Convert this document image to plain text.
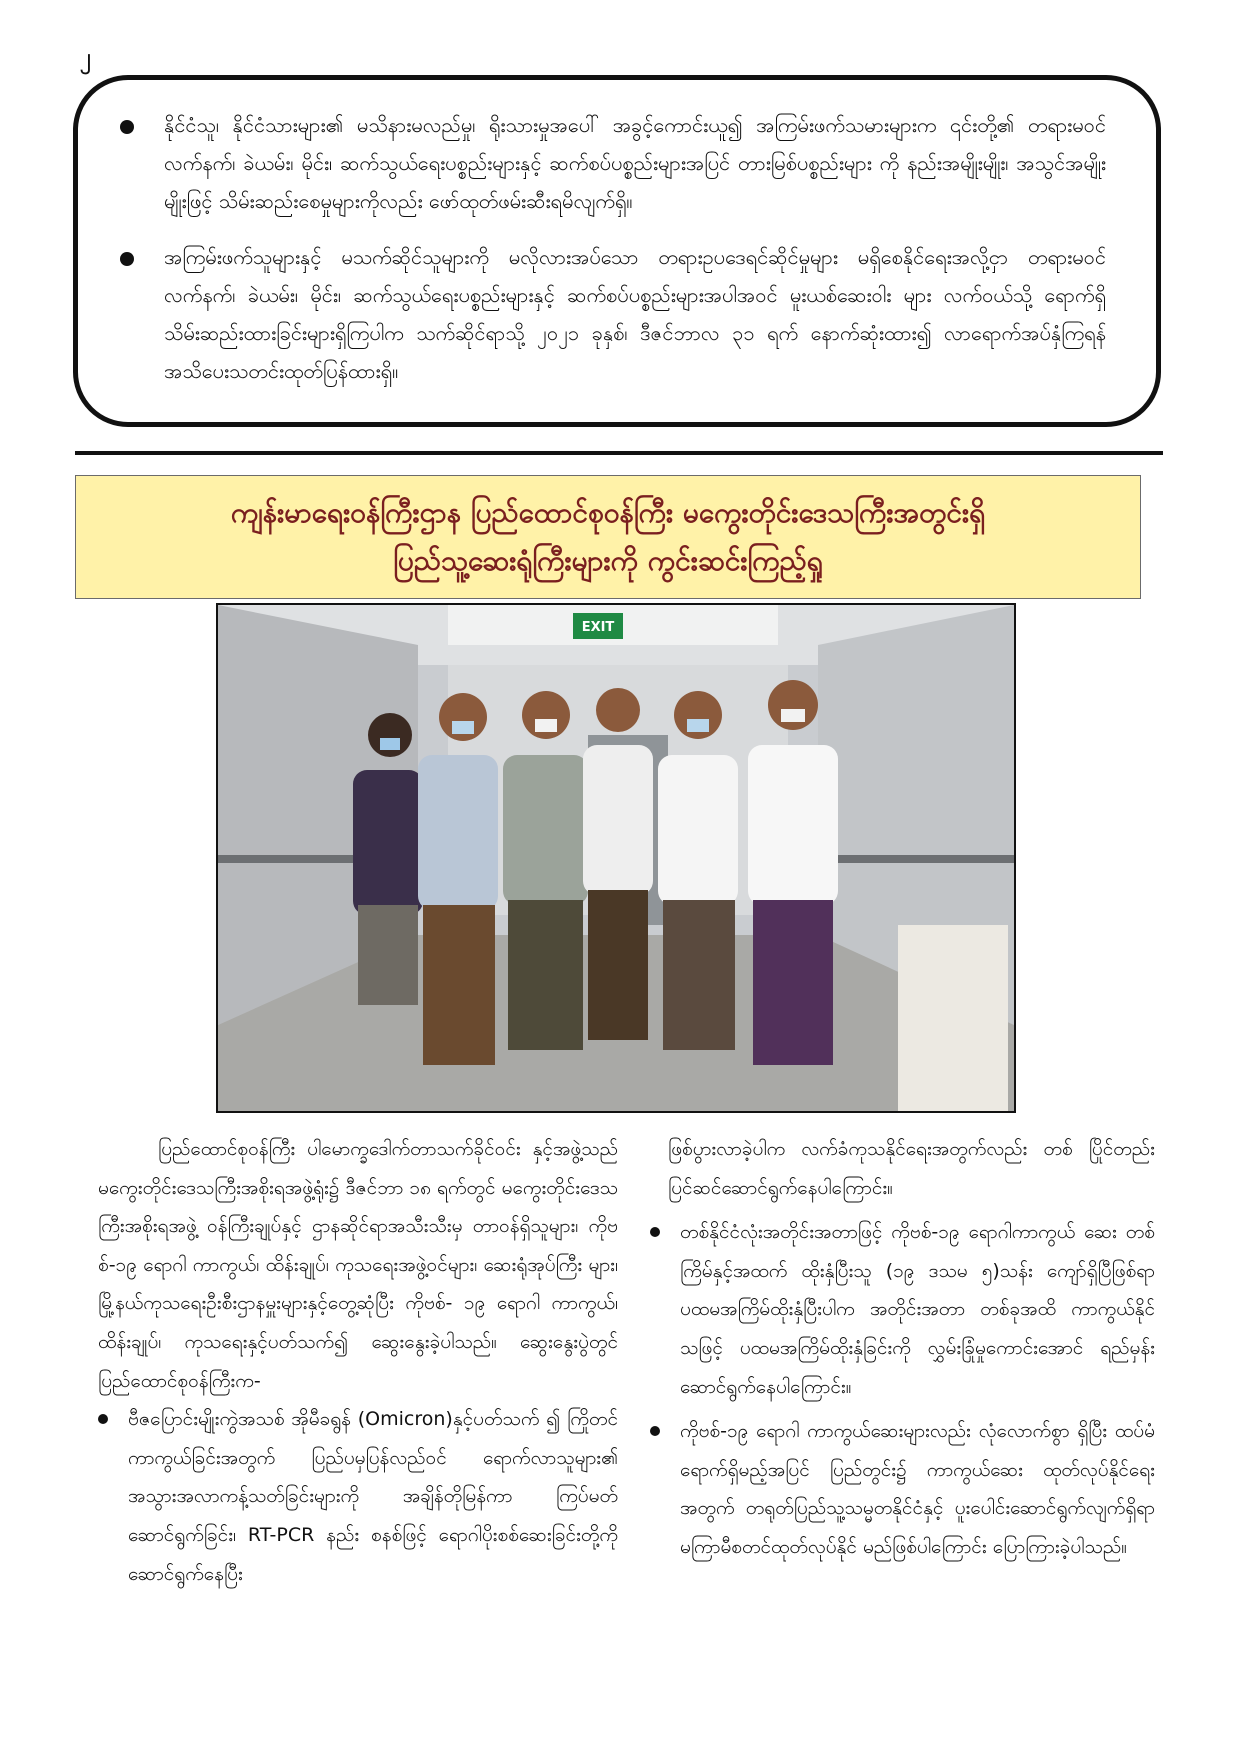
၂
နိုင်ငံသူ၊ နိုင်ငံသားများ၏ မသိနားမလည်မှု၊ ရိုးသားမှုအပေါ် အခွင့်ကောင်းယူ၍ အကြမ်းဖက်သမားများက ၎င်းတို့၏ တရားမဝင် လက်နက်၊ ခဲယမ်း၊ မိုင်း၊ ဆက်သွယ်ရေးပစ္စည်းများနှင့် ဆက်စပ်ပစ္စည်းများအပြင် တားမြစ်ပစ္စည်းများ ကို နည်းအမျိုးမျိုး၊ အသွင်အမျိုးမျိုးဖြင့် သိမ်းဆည်းစေမှုများကိုလည်း ဖော်ထုတ်ဖမ်းဆီးရမိလျက်ရှိ။
အကြမ်းဖက်သူများနှင့် မသက်ဆိုင်သူများကို မလိုလားအပ်သော တရားဥပဒေရင်ဆိုင်မှုများ မရှိစေနိုင်ရေးအလို့ငှာ တရားမဝင် လက်နက်၊ ခဲယမ်း၊ မိုင်း၊ ဆက်သွယ်ရေးပစ္စည်းများနှင့် ဆက်စပ်ပစ္စည်းများအပါအဝင် မူးယစ်ဆေးဝါး များ လက်ဝယ်သို့ ရောက်ရှိသိမ်းဆည်းထားခြင်းများရှိကြပါက သက်ဆိုင်ရာသို့ ၂၀၂၁ ခုနှစ်၊ ဒီဇင်ဘာလ ၃၁ ရက် နောက်ဆုံးထား၍ လာရောက်အပ်နှံကြရန် အသိပေးသတင်းထုတ်ပြန်ထားရှိ။
ကျန်းမာရေးဝန်ကြီးဌာန ပြည်ထောင်စုဝန်ကြီး မကွေးတိုင်းဒေသကြီးအတွင်းရှိ
ပြည်သူ့ဆေးရုံကြီးများကို ကွင်းဆင်းကြည့်ရှု
EXIT

ပြည်ထောင်စုဝန်ကြီး ပါမောက္ခဒေါက်တာသက်ခိုင်ဝင်း နှင့်အဖွဲ့သည် မကွေးတိုင်းဒေသကြီးအစိုးရအဖွဲ့ရုံး၌ ဒီဇင်ဘာ ၁၈ ရက်တွင် မကွေးတိုင်းဒေသကြီးအစိုးရအဖွဲ့ ဝန်ကြီးချုပ်နှင့် ဌာနဆိုင်ရာအသီးသီးမှ တာဝန်ရှိသူများ၊ ကိုဗစ်-၁၉ ရောဂါ ကာကွယ်၊ ထိန်းချုပ်၊ ကုသရေးအဖွဲ့ဝင်များ၊ ဆေးရုံအုပ်ကြီး များ၊ မြို့နယ်ကုသရေးဦးစီးဌာနမှူးများနှင့်တွေ့ဆုံပြီး ကိုဗစ်- ၁၉ ရောဂါ ကာကွယ်၊ ထိန်းချုပ်၊ ကုသရေးနှင့်ပတ်သက်၍ ဆွေးနွေးခဲ့ပါသည်။ ဆွေးနွေးပွဲတွင် ပြည်ထောင်စုဝန်ကြီးက-

ဗီဇပြောင်းမျိုးကွဲအသစ် အိုမီခရွန် (Omicron)နှင့်ပတ်သက် ၍ ကြိုတင်ကာကွယ်ခြင်းအတွက် ပြည်ပမှပြန်လည်ဝင် ရောက်လာသူများ၏ အသွားအလာကန့်သတ်ခြင်းများကို အချိန်တိုမြန်ကာ ကြပ်မတ်ဆောင်ရွက်ခြင်း၊ RT-PCR နည်း စနစ်ဖြင့် ရောဂါပိုးစစ်ဆေးခြင်းတို့ကို ဆောင်ရွက်နေပြီး

ဖြစ်ပွားလာခဲ့ပါက လက်ခံကုသနိုင်ရေးအတွက်လည်း တစ် ပြိုင်တည်းပြင်ဆင်ဆောင်ရွက်နေပါကြောင်း။

တစ်နိုင်ငံလုံးအတိုင်းအတာဖြင့် ကိုဗစ်-၁၉ ရောဂါကာကွယ် ဆေး တစ်ကြိမ်နှင့်အထက် ထိုးနှံပြီးသူ (၁၉ ဒသမ ၅)သန်း ကျော်ရှိပြီဖြစ်ရာ ပထမအကြိမ်ထိုးနှံပြီးပါက အတိုင်းအတာ တစ်ခုအထိ ကာကွယ်နိုင်သဖြင့် ပထမအကြိမ်ထိုးနှံခြင်းကို လွှမ်းခြုံမှုကောင်းအောင် ရည်မှန်းဆောင်ရွက်နေပါကြောင်း။
ကိုဗစ်-၁၉ ရောဂါ ကာကွယ်ဆေးများလည်း လုံလောက်စွာ ရှိပြီး ထပ်မံရောက်ရှိမည့်အပြင် ပြည်တွင်း၌ ကာကွယ်ဆေး ထုတ်လုပ်နိုင်ရေးအတွက် တရုတ်ပြည်သူ့သမ္မတနိုင်ငံနှင့် ပူးပေါင်းဆောင်ရွက်လျက်ရှိရာ မကြာမီစတင်ထုတ်လုပ်နိုင် မည်ဖြစ်ပါကြောင်း ပြောကြားခဲ့ပါသည်။
